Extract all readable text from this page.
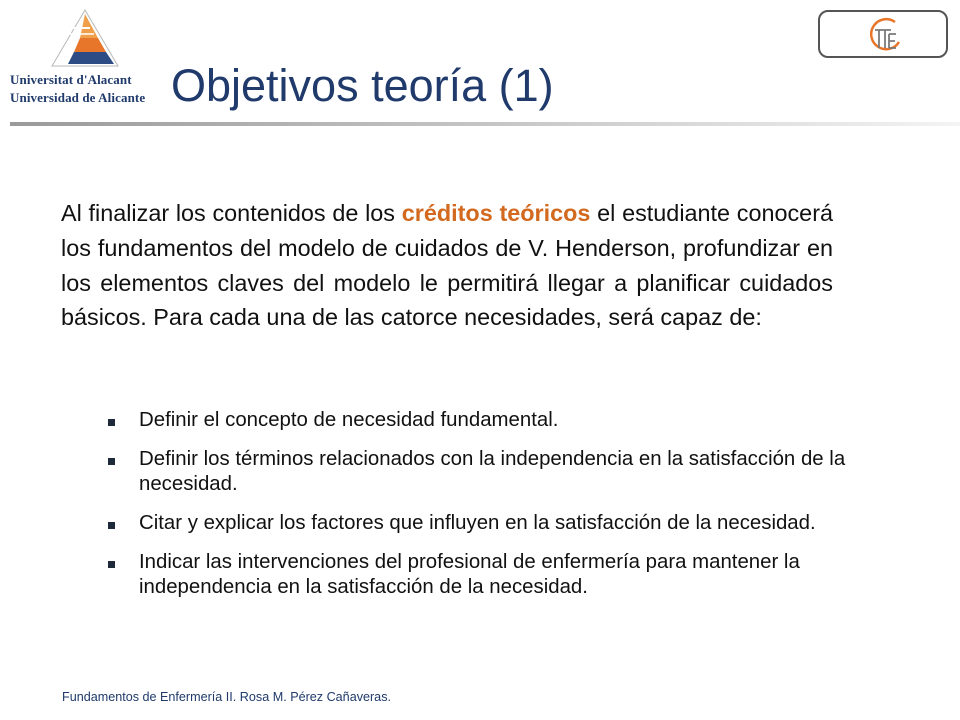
Universitat d'Alacant
Universidad de Alicante Objetivos teoría (1)
Al finalizar los contenidos de los créditos teóricos el estudiante conocerá los fundamentos del modelo de cuidados de V. Henderson, profundizar en los elementos claves del modelo le permitirá llegar a planificar cuidados básicos. Para cada una de las catorce necesidades, será capaz de:
Definir el concepto de necesidad fundamental.
Definir los términos relacionados con la independencia en la satisfacción de la necesidad.
Citar y explicar los factores que influyen en la satisfacción de la necesidad.
Indicar las intervenciones del profesional de enfermería para mantener la independencia en la satisfacción de la necesidad.
Fundamentos de Enfermería II. Rosa M. Pérez Cañaveras.
